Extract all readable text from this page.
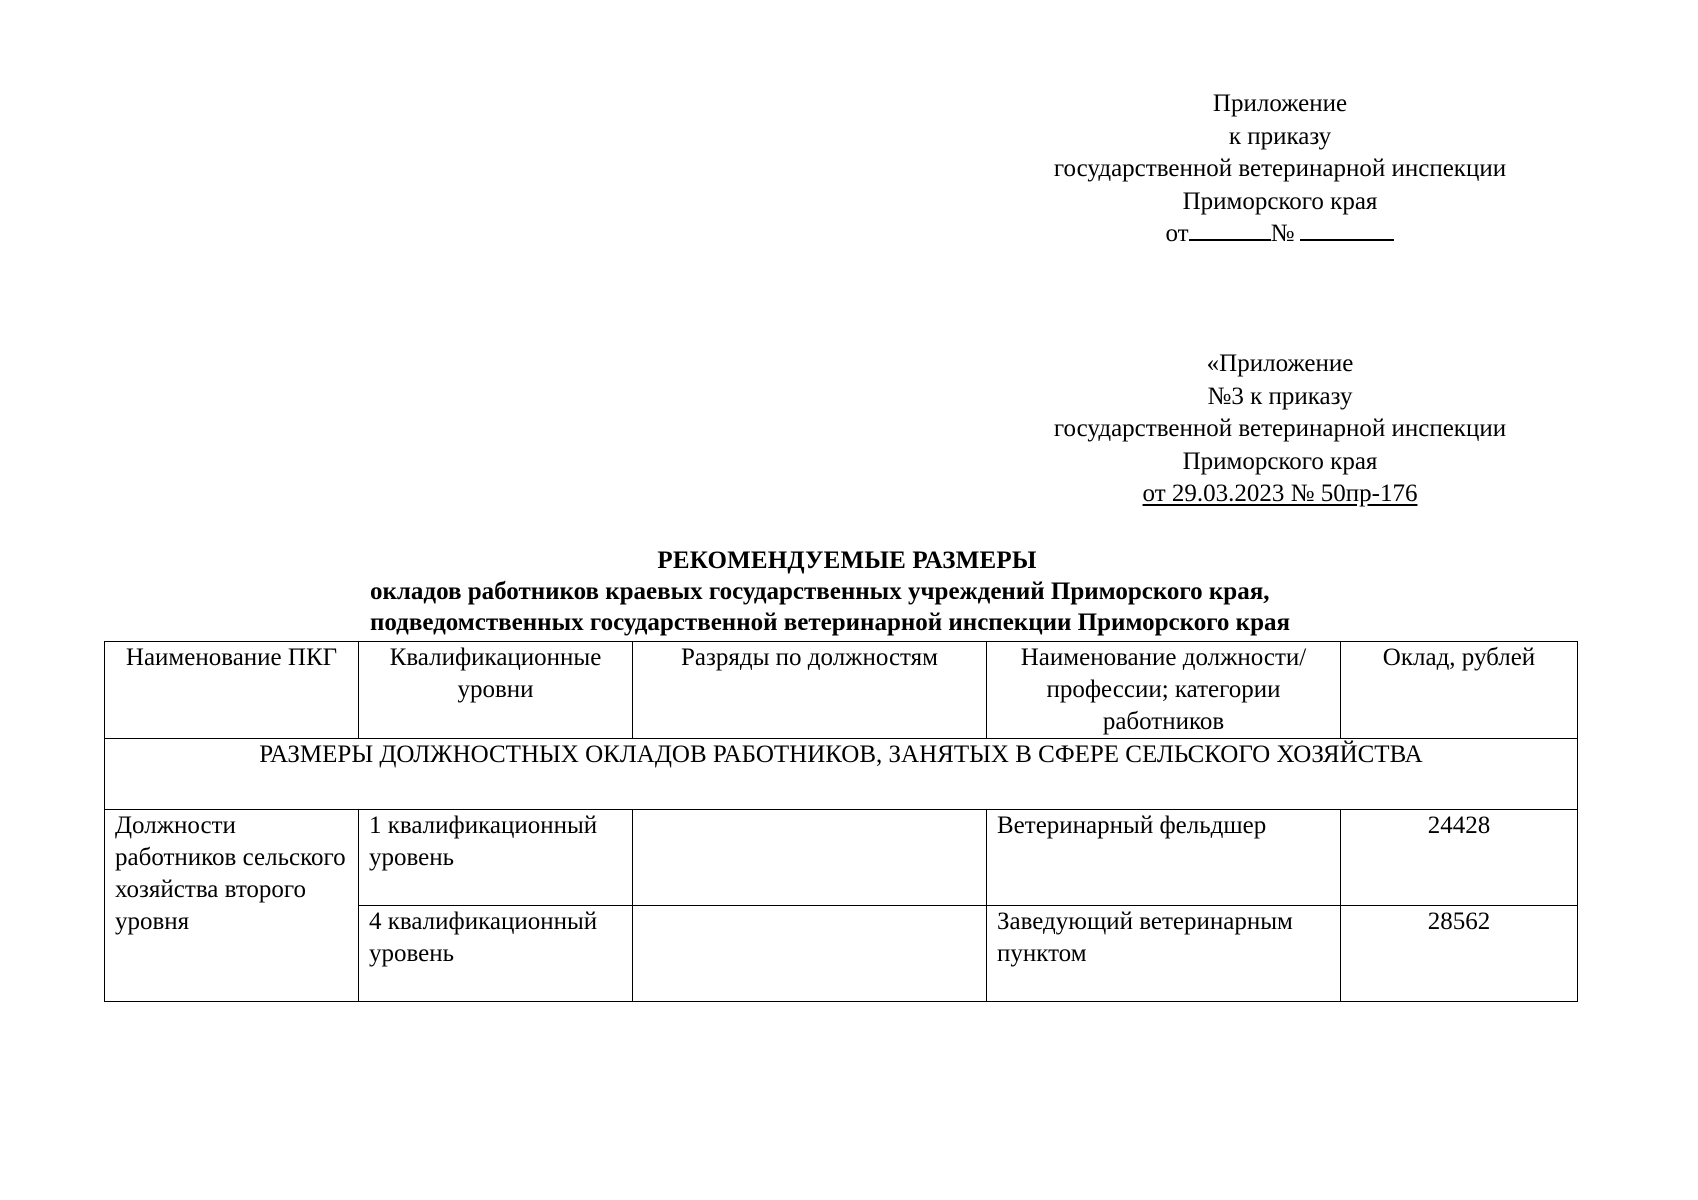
Приложение
к приказу
государственной ветеринарной инспекции
Приморского края
от	№
«Приложение
№3 к приказу
государственной ветеринарной инспекции
Приморского края
от 29.03.2023 № 50пр-176
РЕКОМЕНДУЕМЫЕ РАЗМЕРЫ
окладов работников краевых государственных учреждений Приморского края,
подведомственных государственной ветеринарной инспекции Приморского края
Наименование ПКГ	Квалификационные уровни	Разряды по должностям	Наименование должности/профессии; категории работников	Оклад, рублей
РАЗМЕРЫ ДОЛЖНОСТНЫХ ОКЛАДОВ РАБОТНИКОВ, ЗАНЯТЫХ В СФЕРЕ СЕЛЬСКОГО ХОЗЯЙСТВА				
Должности работников сельского хозяйства второго уровня	1 квалификационный уровень		Ветеринарный фельдшер	24428
	4 квалификационный уровень		Заведующий ветеринарным пунктом	28562
